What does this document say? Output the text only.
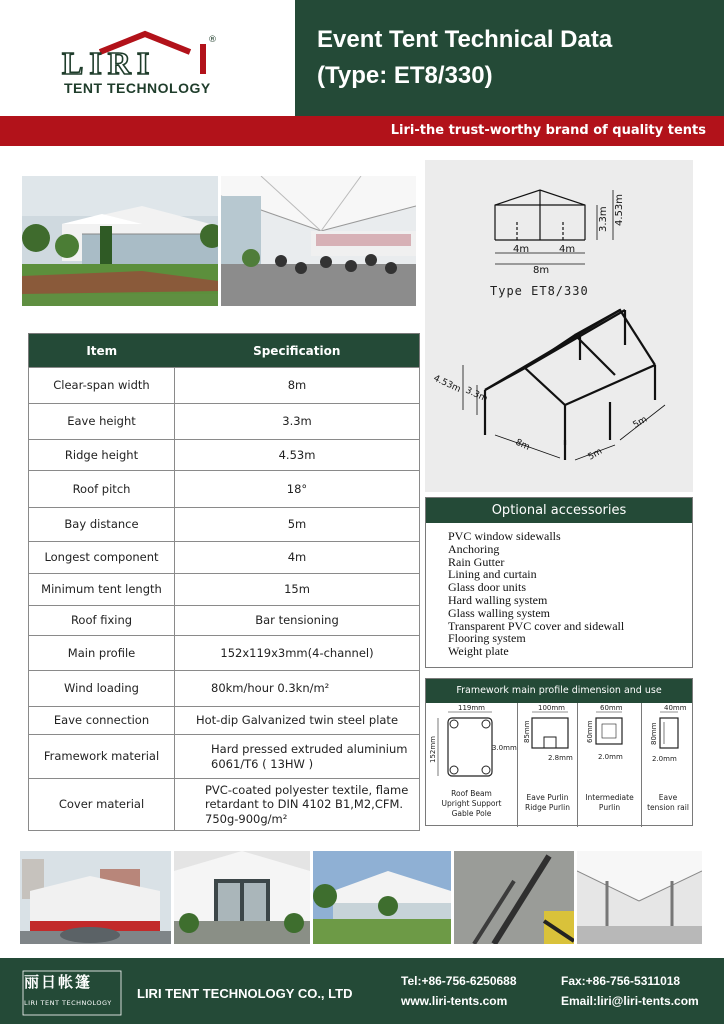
LIRI
®
TENT TECHNOLOGY
Event Tent Technical Data
(Type: ET8/330)
Liri-the trust-worthy brand of quality tents
4m	4m
8m
3.3m 4.53m
4.53m
3.3m
8m
5m
5m
Type ET8/330
Item	Specification
Clear-span width	8m
Eave height	3.3m
Ridge height	4.53m
Roof pitch	18°
Bay distance	5m
Longest component	4m
Minimum tent length	15m
Roof fixing	Bar tensioning
Main profile	152x119x3mm(4-channel)
Wind loading	80km/hour 0.3kn/m²
Eave connection	Hot-dip Galvanized twin steel plate
Framework material	Hard pressed extruded aluminium 6061/T6 ( 13HW )
Cover material	PVC-coated polyester textile, flame retardant to DIN 4102 B1,M2,CFM. 750g-900g/m²
Optional accessories
PVC window sidewalls
Anchoring
Rain Gutter
Lining and curtain
Glass door units
Hard walling system
Glass walling system
Transparent PVC cover and sidewall
Flooring system
Weight plate
Framework main profile dimension and use
119mm
152mm	3.0mm
Roof Beam
Upright Support
Gable Pole
100mm
85mm
2.8mm
Eave Purlin
Ridge Purlin
60mm
60mm
2.0mm
Intermediate
Purlin
40mm
80mm
2.0mm
Eave
tension rail
丽日帐篷
LIRI TENT TECHNOLOGY
LIRI TENT TECHNOLOGY CO., LTD
Tel:+86-756-6250688	Fax:+86-756-5311018
www.liri-tents.com	Email:liri@liri-tents.com
